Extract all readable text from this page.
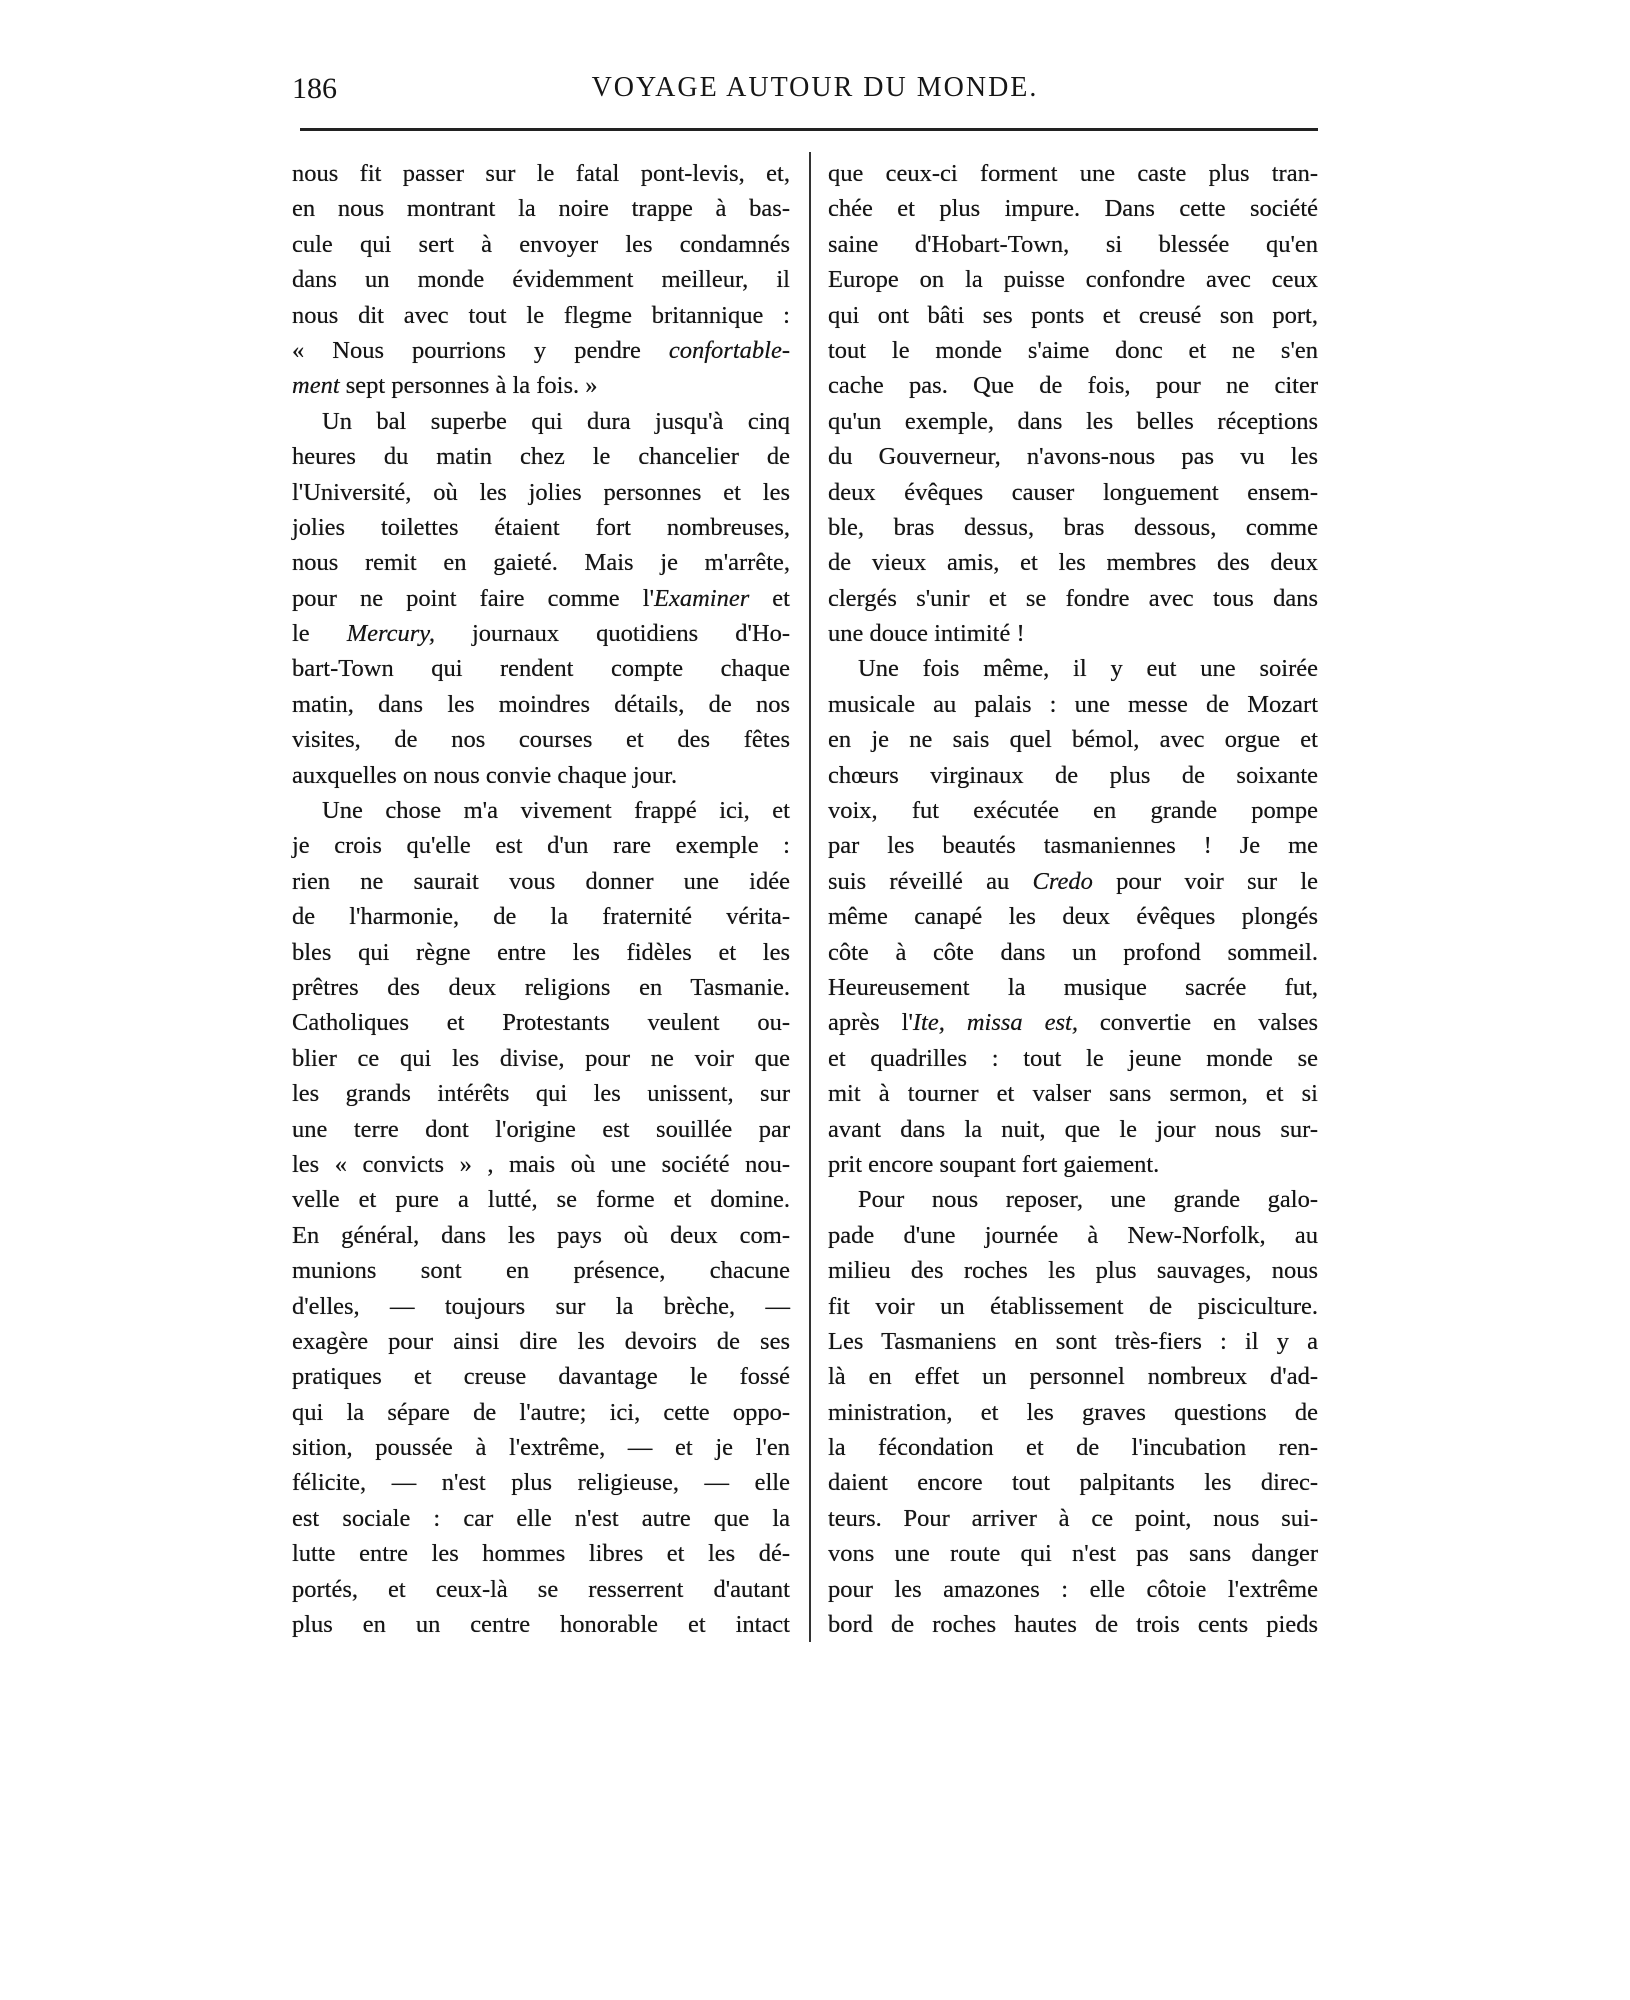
186	VOYAGE AUTOUR DU MONDE.
nous fit passer sur le fatal pont-levis, et,
en nous montrant la noire trappe à bas-
cule qui sert à envoyer les condamnés
dans un monde évidemment meilleur, il
nous dit avec tout le flegme britannique :
« Nous pourrions y pendre confortable-
ment sept personnes à la fois. »
Un bal superbe qui dura jusqu'à cinq
heures du matin chez le chancelier de
l'Université, où les jolies personnes et les
jolies toilettes étaient fort nombreuses,
nous remit en gaieté. Mais je m'arrête,
pour ne point faire comme l'Examiner et
le Mercury, journaux quotidiens d'Ho-
bart-Town qui rendent compte chaque
matin, dans les moindres détails, de nos
visites, de nos courses et des fêtes
auxquelles on nous convie chaque jour.
Une chose m'a vivement frappé ici, et
je crois qu'elle est d'un rare exemple :
rien ne saurait vous donner une idée
de l'harmonie, de la fraternité vérita-
bles qui règne entre les fidèles et les
prêtres des deux religions en Tasmanie.
Catholiques et Protestants veulent ou-
blier ce qui les divise, pour ne voir que
les grands intérêts qui les unissent, sur
une terre dont l'origine est souillée par
les « convicts » , mais où une société nou-
velle et pure a lutté, se forme et domine.
En général, dans les pays où deux com-
munions sont en présence, chacune
d'elles, — toujours sur la brèche, —
exagère pour ainsi dire les devoirs de ses
pratiques et creuse davantage le fossé
qui la sépare de l'autre; ici, cette oppo-
sition, poussée à l'extrême, — et je l'en
félicite, — n'est plus religieuse, — elle
est sociale : car elle n'est autre que la
lutte entre les hommes libres et les dé-
portés, et ceux-là se resserrent d'autant
plus en un centre honorable et intact
que ceux-ci forment une caste plus tran-
chée et plus impure. Dans cette société
saine d'Hobart-Town, si blessée qu'en
Europe on la puisse confondre avec ceux
qui ont bâti ses ponts et creusé son port,
tout le monde s'aime donc et ne s'en
cache pas. Que de fois, pour ne citer
qu'un exemple, dans les belles réceptions
du Gouverneur, n'avons-nous pas vu les
deux évêques causer longuement ensem-
ble, bras dessus, bras dessous, comme
de vieux amis, et les membres des deux
clergés s'unir et se fondre avec tous dans
une douce intimité !
Une fois même, il y eut une soirée
musicale au palais : une messe de Mozart
en je ne sais quel bémol, avec orgue et
chœurs virginaux de plus de soixante
voix, fut exécutée en grande pompe
par les beautés tasmaniennes ! Je me
suis réveillé au Credo pour voir sur le
même canapé les deux évêques plongés
côte à côte dans un profond sommeil.
Heureusement la musique sacrée fut,
après l'Ite, missa est, convertie en valses
et quadrilles : tout le jeune monde se
mit à tourner et valser sans sermon, et si
avant dans la nuit, que le jour nous sur-
prit encore soupant fort gaiement.
Pour nous reposer, une grande galo-
pade d'une journée à New-Norfolk, au
milieu des roches les plus sauvages, nous
fit voir un établissement de pisciculture.
Les Tasmaniens en sont très-fiers : il y a
là en effet un personnel nombreux d'ad-
ministration, et les graves questions de
la fécondation et de l'incubation ren-
daient encore tout palpitants les direc-
teurs. Pour arriver à ce point, nous sui-
vons une route qui n'est pas sans danger
pour les amazones : elle côtoie l'extrême
bord de roches hautes de trois cents pieds
